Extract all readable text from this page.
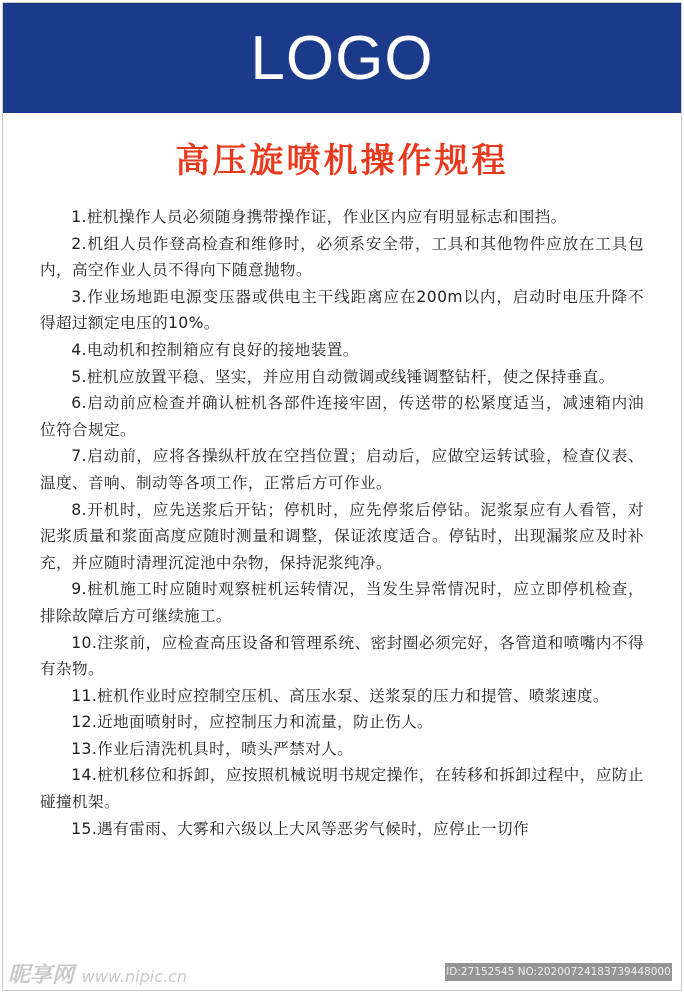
LOGO
高压旋喷机操作规程
1.桩机操作人员必须随身携带操作证，作业区内应有明显标志和围挡。
2.机组人员作登高检查和维修时，必须系安全带，工具和其他物件应放在工具包内，高空作业人员不得向下随意抛物。
3.作业场地距电源变压器或供电主干线距离应在200m以内，启动时电压升降不得超过额定电压的10%。
4.电动机和控制箱应有良好的接地装置。
5.桩机应放置平稳、坚实，并应用自动微调或线锤调整钻杆，使之保持垂直。
6.启动前应检查并确认桩机各部件连接牢固，传送带的松紧度适当，减速箱内油位符合规定。
7.启动前，应将各操纵杆放在空挡位置；启动后，应做空运转试验，检查仪表、温度、音响、制动等各项工作，正常后方可作业。
8.开机时，应先送浆后开钻；停机时，应先停浆后停钻。泥浆泵应有人看管，对泥浆质量和浆面高度应随时测量和调整，保证浓度适合。停钻时，出现漏浆应及时补充，并应随时清理沉淀池中杂物，保持泥浆纯净。
9.桩机施工时应随时观察桩机运转情况，当发生异常情况时，应立即停机检查，排除故障后方可继续施工。
10.注浆前，应检查高压设备和管理系统、密封圈必须完好，各管道和喷嘴内不得有杂物。
11.桩机作业时应控制空压机、高压水泵、送浆泵的压力和提管、喷浆速度。
12.近地面喷射时，应控制压力和流量，防止伤人。
13.作业后清洗机具时，喷头严禁对人。
14.桩机移位和拆卸，应按照机械说明书规定操作，在转移和拆卸过程中，应防止碰撞机架。
15.遇有雷雨、大雾和六级以上大风等恶劣气候时，应停止一切作
昵享网 www.nipic.cn	ID:27152545 NO:20200724183739448000
